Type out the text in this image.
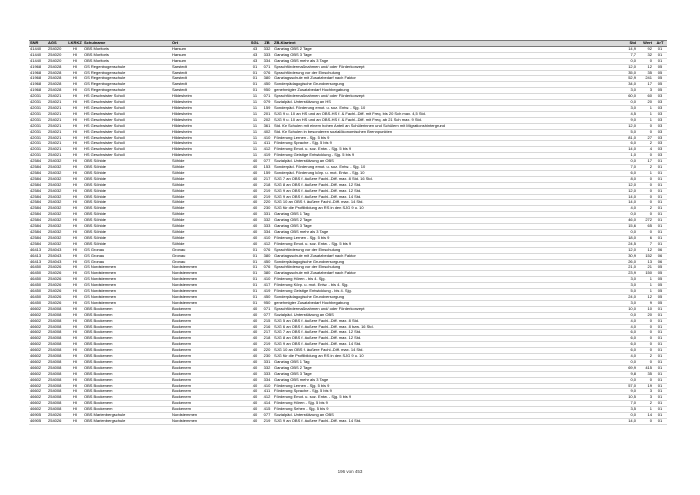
SNR	AGS	LKRKZ	Schulname	Ort	SGL	ZB	ZB-Klartext	Std	Wert	ArT
41440	254020	HI	OBS Moritoris	Harsum	43	332	Ganztag OBS 2 Tage	14,9	92	01
41440	254020	HI	OBS Moritoris	Harsum	43	333	Ganztag OBS 3 Tage	7,7	32	01
41440	254020	HI	OBS Moritoris	Harsum	43	334	Ganztag OBS mehr als 3 Tage	0,0	0	01
41968	254028	HI	GS Regenbogenschule	Sarstedt	01	071	Sprachfördermaßnahmen und/ oder Förderkonzept	12,0	12	05
41968	254028	HI	GS Regenbogenschule	Sarstedt	01	076	Sprachförderung vor der Einschulung	35,0	35	05
41968	254028	HI	GS Regenbogenschule	Sarstedt	01	380	Ganztagsschule mit Zusatzbedarf nach Faktor	52,9	241	05
41968	254028	HI	GS Regenbogenschule	Sarstedt	01	450	Sonderpädagogische Grundversorgung	34,0	17	05
41968	254028	HI	GS Regenbogenschule	Sarstedt	01	950	genehmigter Zusatzbedarf Hochbegabung	3,0	3	05
42031	254021	HI	HS Geschwister Scholl	Hildesheim	11	071	Sprachfördermaßnahmen und/ oder Förderkonzept	60,0	60	03
42031	254021	HI	HS Geschwister Scholl	Hildesheim	11	079	Sozialpäd. Unterstützung an HS	0,0	20	03
42031	254021	HI	HS Geschwister Scholl	Hildesheim	11	159	Sonderpäd. Förderung emot. u. soz. Entw. - Sjg. 10	3,0	1	03
42031	254021	HI	HS Geschwister Scholl	Hildesheim	11	201	SJG 9 u. 10 an HS und an OBS-HS f. & Fachl.-Diff. mit Freq. bis 20 Sch max. 4,5 Std.	4,5	1	03
42031	254021	HI	HS Geschwister Scholl	Hildesheim	11	202	SJG 9 u. 10 an HS und an OBS-HS f. & Fachl.-Diff. mit Freq. ab 21 Sch max. 9 Std.	9,0	1	03
42031	254021	HI	HS Geschwister Scholl	Hildesheim	11	361	Std. für Schulen mit einem hohen Anteil an Schülerinnen und Schülern mit Migrationshintergrund	12,0	0	03
42031	254021	HI	HS Geschwister Scholl	Hildesheim	11	402	Std. für Schulen in besonderen sozialökonomischen Brennpunkten	5,0	0	03
42031	254021	HI	HS Geschwister Scholl	Hildesheim	11	410	Förderung Lernen - Sjg. 5 bis 9	81,0	27	03
42031	254021	HI	HS Geschwister Scholl	Hildesheim	11	411	Förderung Sprache - Sjg. 5 bis 9	6,0	2	03
42031	254021	HI	HS Geschwister Scholl	Hildesheim	11	412	Förderung Emot. u. soz. Entw. - Sjg. 5 bis 9	14,0	4	03
42031	254021	HI	HS Geschwister Scholl	Hildesheim	11	419	Förderung Geistige Entwicklung - Sjg. 5 bis 9	1,0	0	03
42584	254032	HI	OBS Söhlde	Söhlde	40	077	Sozialpäd. Unterstützung an OBS	0,0	17	01
42584	254032	HI	OBS Söhlde	Söhlde	40	153	Sonderpäd. Förderung emot. u. soz. Entw. - Sjg. 10	7,0	2	01
42584	254032	HI	OBS Söhlde	Söhlde	40	159	Sonderpäd. Förderung körp. u. mot. Entw. - Sjg. 10	6,0	1	01
42584	254032	HI	OBS Söhlde	Söhlde	40	217	SJG 7 an OBS f. äußere Fachl.-Diff. max. 8 Std. 16 Std.	8,0	0	01
42584	254032	HI	OBS Söhlde	Söhlde	40	218	SJG 8 an OBS f. äußere Fachl.-Diff. max. 12 Std.	12,0	0	01
42584	254032	HI	OBS Söhlde	Söhlde	40	219	SJG 9 an OBS f. äußere Fachl.-Diff. max. 12 Std.	12,0	0	01
42584	254032	HI	OBS Söhlde	Söhlde	40	219	SJG 9 an OBS f. äußere Fachl.-Diff. max. 14 Std.	14,0	0	01
42584	254032	HI	OBS Söhlde	Söhlde	40	220	SJG 10 an OBS f. äußere Fachl.-Diff. max. 14 Std.	14,0	0	01
42584	254032	HI	OBS Söhlde	Söhlde	40	230	SJG für die Profilbildung an RS in den SJG 9 u. 10	4,0	2	01
42584	254032	HI	OBS Söhlde	Söhlde	40	331	Ganztag OBS 1 Tag	0,0	0	01
42584	254032	HI	OBS Söhlde	Söhlde	40	332	Ganztag OBS 2 Tage	46,0	272	01
42584	254032	HI	OBS Söhlde	Söhlde	40	333	Ganztag OBS 3 Tage	15,6	65	01
42584	254032	HI	OBS Söhlde	Söhlde	40	334	Ganztag OBS mehr als 3 Tage	0,0	0	01
42584	254032	HI	OBS Söhlde	Söhlde	40	410	Förderung Lernen - Sjg. 5 bis 9	18,0	6	01
42584	254032	HI	OBS Söhlde	Söhlde	40	412	Förderung Emot. u. soz. Entw. - Sjg. 5 bis 9	24,5	7	01
46413	254043	HI	GS Gronau	Gronau	01	076	Sprachförderung vor der Einschulung	12,0	12	06
46413	254043	HI	GS Gronau	Gronau	01	380	Ganztagsschule mit Zusatzbedarf nach Faktor	30,9	152	06
46413	254043	HI	GS Gronau	Gronau	01	450	Sonderpädagogische Grundversorgung	26,0	13	06
46450	254026	HI	GS Nordstemmen	Nordstemmen	01	076	Sprachförderung vor der Einschulung	21,0	21	05
46450	254026	HI	GS Nordstemmen	Nordstemmen	01	380	Ganztagsschule mit Zusatzbedarf nach Faktor	23,9	150	05
46450	254026	HI	GS Nordstemmen	Nordstemmen	01	410	Förderung Hören - bis 4. Sjg.	3,0	1	05
46450	254026	HI	GS Nordstemmen	Nordstemmen	01	417	Förderung Körp. u. mot. Entw. - bis 4. Sjg.	3,0	1	05
46450	254026	HI	GS Nordstemmen	Nordstemmen	01	419	Förderung Geistige Entwicklung - bis 4. Sjg.	5,0	1	05
46450	254026	HI	GS Nordstemmen	Nordstemmen	01	450	Sonderpädagogische Grundversorgung	24,0	12	05
46450	254026	HI	GS Nordstemmen	Nordstemmen	01	950	genehmigter Zusatzbedarf Hochbegabung	3,0	9	05
46602	254008	HI	OBS Bockenem	Bockenem	40	071	Sprachfördermaßnahmen und/ oder Förderkonzept	10,0	10	01
46602	254008	HI	OBS Bockenem	Bockenem	40	077	Sozialpäd. Unterstützung an OBS	0,0	20	01
46602	254008	HI	OBS Bockenem	Bockenem	40	215	SJG 5 an OBS f. äußere Fachl.-Diff. max. 8 Std.	4,0	0	01
46602	254008	HI	OBS Bockenem	Bockenem	40	216	SJG 6 an OBS f. äußere Fachl.-Diff. max. 8 bzw. 16 Std.	4,0	0	01
46602	254008	HI	OBS Bockenem	Bockenem	40	217	SJG 7 an OBS f. äußere Fachl.-Diff. max. 12 Std.	6,0	0	01
46602	254008	HI	OBS Bockenem	Bockenem	40	218	SJG 8 an OBS f. äußere Fachl.-Diff. max. 12 Std.	6,0	0	01
46602	254008	HI	OBS Bockenem	Bockenem	40	219	SJG 9 an OBS f. äußere Fachl.-Diff. max. 14 Std.	6,0	0	01
46602	254008	HI	OBS Bockenem	Bockenem	40	220	SJG 10 an OBS f. äußere Fachl.-Diff. max. 14 Std.	6,0	0	01
46602	254008	HI	OBS Bockenem	Bockenem	40	230	SJG für die Profilbildung an RS in den SJG 9 u. 10	4,0	2	01
46602	254008	HI	OBS Bockenem	Bockenem	40	331	Ganztag OBS 1 Tag	0,0	0	01
46602	254008	HI	OBS Bockenem	Bockenem	40	332	Ganztag OBS 2 Tage	69,9	415	01
46602	254008	HI	OBS Bockenem	Bockenem	40	333	Ganztag OBS 3 Tage	9,8	35	01
46602	254008	HI	OBS Bockenem	Bockenem	40	334	Ganztag OBS mehr als 3 Tage	0,0	0	01
46602	254008	HI	OBS Bockenem	Bockenem	40	410	Förderung Lernen - Sjg. 5 bis 9	57,0	19	01
46602	254008	HI	OBS Bockenem	Bockenem	40	411	Förderung Sprache - Sjg. 5 bis 9	9,0	3	01
46602	254008	HI	OBS Bockenem	Bockenem	40	412	Förderung Emot. u. soz. Entw. - Sjg. 5 bis 9	10,5	3	01
46602	254008	HI	OBS Bockenem	Bockenem	40	414	Förderung Hören - Sjg. 5 bis 9	7,0	2	01
46602	254008	HI	OBS Bockenem	Bockenem	40	415	Förderung Sehen - Sjg. 5 bis 9	3,5	1	01
46905	254026	HI	OBS Marienbergschule	Nordstemmen	40	077	Sozialpäd. Unterstützung an OBS	0,0	14	01
46905	254026	HI	OBS Marienbergschule	Nordstemmen	40	219	SJG 9 an OBS f. äußere Fachl.-Diff. max. 14 Std.	14,0	0	01
196 von 453
